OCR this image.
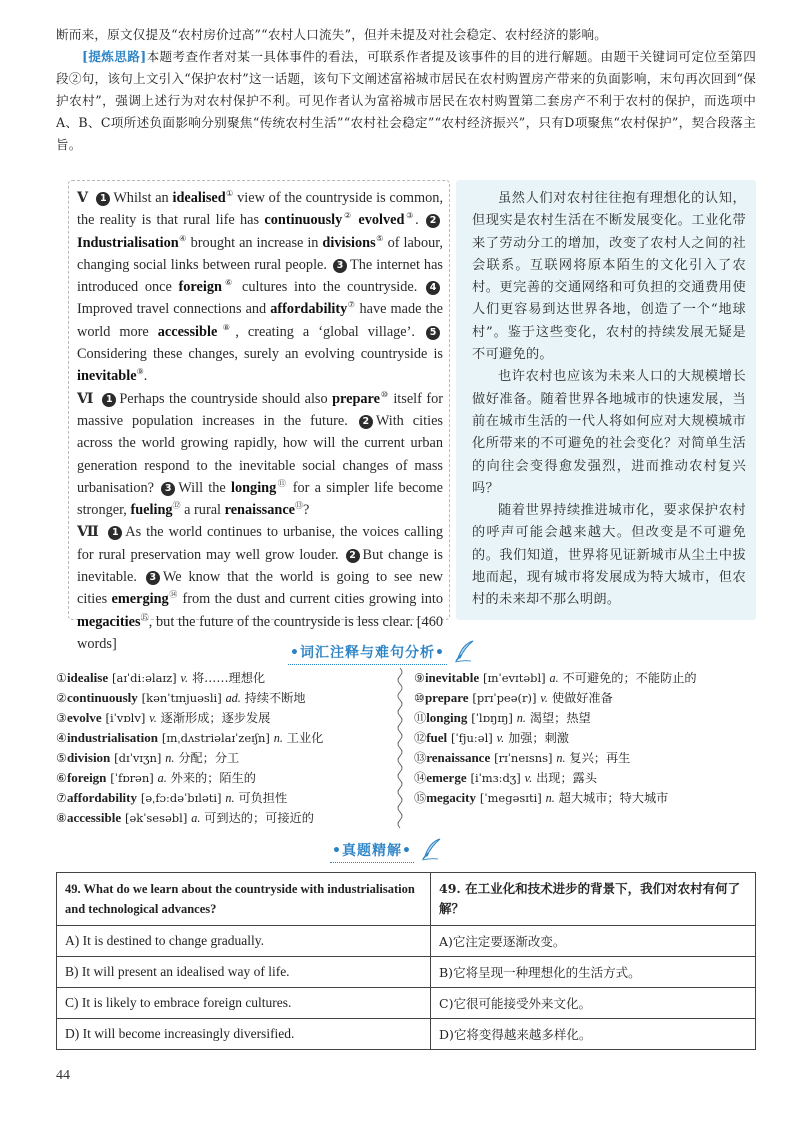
断而来，原文仅提及“农村房价过高”“农村人口流失”，但并未提及对社会稳定、农村经济的影响。

[提炼思路]本题考查作者对某一具体事件的看法，可联系作者提及该事件的目的进行解题。由题干关键词可定位至第四段②句，该句上文引入“保护农村”这一话题，该句下文阐述富裕城市居民在农村购置房产带来的负面影响，末句再次回到“保护农村”，强调上述行为对农村保护不利。可见作者认为富裕城市居民在农村购置第二套房产不利于农村的保护，而选项中A、B、C项所述负面影响分别聚焦“传统农村生活”“农村社会稳定”“农村经济振兴”，只有D项聚焦“农村保护”，契合段落主旨。

Ⅴ 1 Whilst an idealised① view of the countryside is common, the reality is that rural life has continuously② evolved③. 2Industrialisation④ brought an increase in divisions⑤ of labour, changing social links between rural people. 3 The internet has introduced once foreign⑥ cultures into the countryside. 4Improved travel connections and affordability⑦ have made the world more accessible⑧, creating a ‘global village’. 5Considering these changes, surely an evolving countryside is inevitable⑨.

Ⅵ 1 Perhaps the countryside should also prepare⑩ itself for massive population increases in the future. 2 With cities across the world growing rapidly, how will the current urban generation respond to the inevitable social changes of mass urbanisation? 3 Will the longing⑪ for a simpler life become stronger, fueling⑫ a rural renaissance⑬?

Ⅶ 1 As the world continues to urbanise, the voices calling for rural preservation may well grow louder. 2 But change is inevitable. 3 We know that the world is going to see new cities emerging⑭ from the dust and current cities growing into megacities⑮, but the future of the countryside is less clear. [460 words]

虽然人们对农村往往抱有理想化的认知，但现实是农村生活在不断发展变化。工业化带来了劳动分工的增加，改变了农村人之间的社会联系。互联网将原本陌生的文化引入了农村。更完善的交通网络和可负担的交通费用使人们更容易到达世界各地，创造了一个“地球村”。鉴于这些变化，农村的持续发展无疑是不可避免的。

也许农村也应该为未来人口的大规模增长做好准备。随着世界各地城市的快速发展，当前在城市生活的一代人将如何应对大规模城市化所带来的不可避免的社会变化？对简单生活的向往会变得愈发强烈，进而推动农村复兴吗？

随着世界持续推进城市化，要求保护农村的呼声可能会越来越大。但改变是不可避免的。我们知道，世界将见证新城市从尘土中拔地而起，现有城市将发展成为特大城市，但农村的未来却不那么明朗。

•词汇注释与难句分析•
①idealise [aɪˈdiːəlaɪz] v. 将……理想化
②continuously [kənˈtɪnjuəsli] ad. 持续不断地
③evolve [iˈvɒlv] v. 逐渐形成；逐步发展
④industrialisation [ɪnˌdʌstriəlaɪˈzeɪʃn] n. 工业化
⑤division [dɪˈvɪʒn] n. 分配；分工
⑥foreign [ˈfɒrən] a. 外来的；陌生的
⑦affordability [əˌfɔːdəˈbɪləti] n. 可负担性
⑧accessible [əkˈsesəbl] a. 可到达的；可接近的
⑨inevitable [ɪnˈevɪtəbl] a. 不可避免的；不能防止的
⑩prepare [prɪˈpeə(r)] v. 使做好准备
⑪longing [ˈlɒŋɪŋ] n. 渴望；热望
⑫fuel [ˈfjuːəl] v. 加强；刺激
⑬renaissance [rɪˈneɪsns] n. 复兴；再生
⑭emerge [iˈmɜːdʒ] v. 出现；露头
⑮megacity [ˈmegəsɪti] n. 超大城市；特大城市
•真题精解•
49. What do we learn about the countryside with industrialisation and technological advances?	49. 在工业化和技术进步的背景下，我们对农村有何了解？
A) It is destined to change gradually.	A)它注定要逐渐改变。
B) It will present an idealised way of life.	B)它将呈现一种理想化的生活方式。
C) It is likely to embrace foreign cultures.	C)它很可能接受外来文化。
D) It will become increasingly diversified.	D)它将变得越来越多样化。
44
